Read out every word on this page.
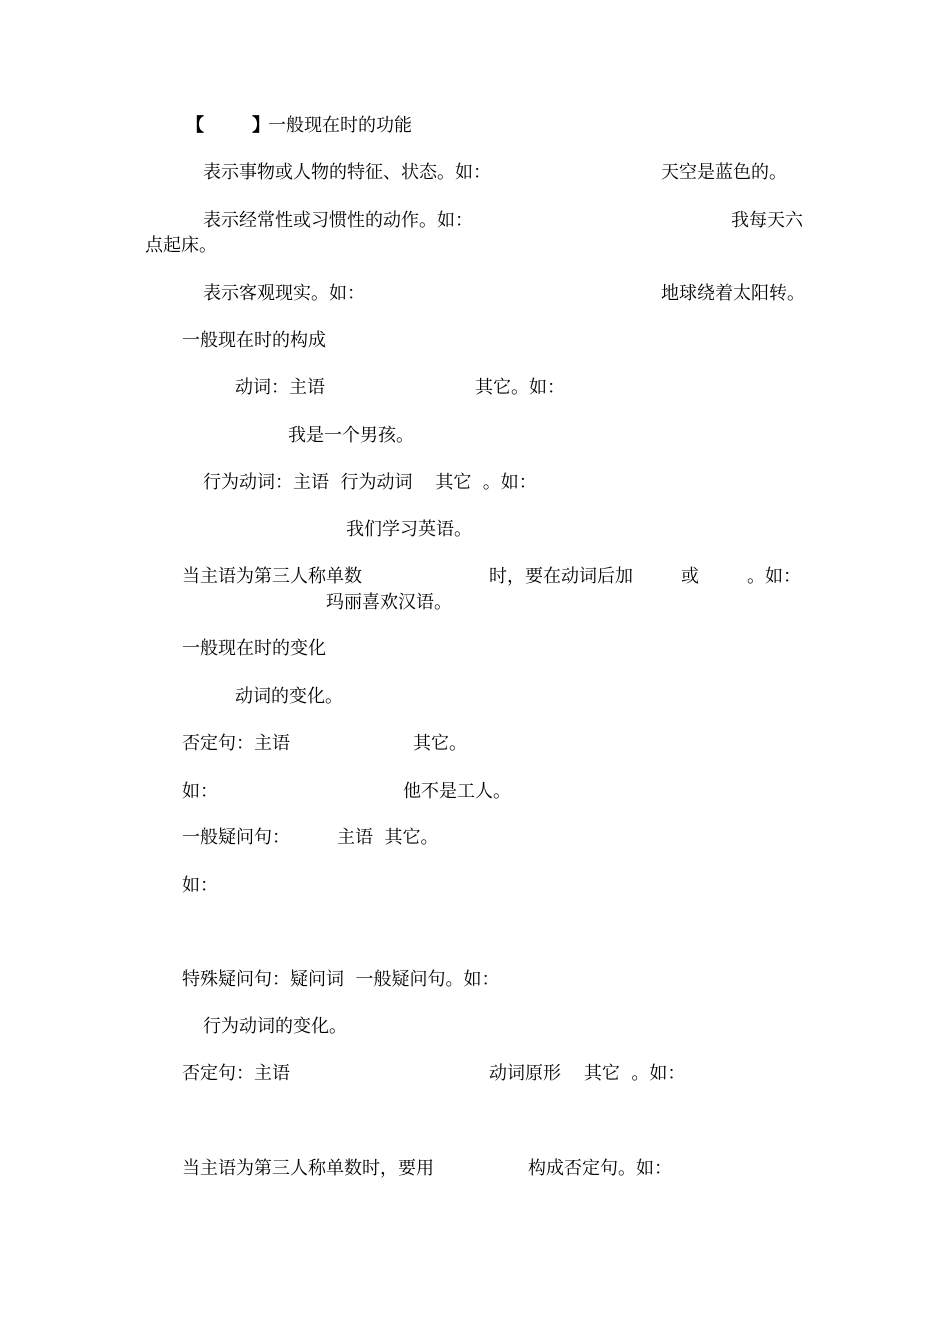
【	】
一般现在时的功能
表示事物或人物的特征、状态。如：	天空是蓝色的。
表示经常性或习惯性的动作。如：	我每天六
点起床。
表示客观现实。如：	地球绕着太阳转。
一般现在时的构成
动词：主语	其它。如：
我是一个男孩。
行为动词：主语  行为动词    其它  。如：
我们学习英语。
当主语为第三人称单数	时，要在动词后加	或	。如：
玛丽喜欢汉语。
一般现在时的变化
动词的变化。
否定句：主语	其它。
如：	他不是工人。
一般疑问句：	主语  其它。
如：
特殊疑问句：疑问词  一般疑问句。如：
行为动词的变化。
否定句：主语	动词原形    其它  。如：
当主语为第三人称单数时，要用	构成否定句。如：
